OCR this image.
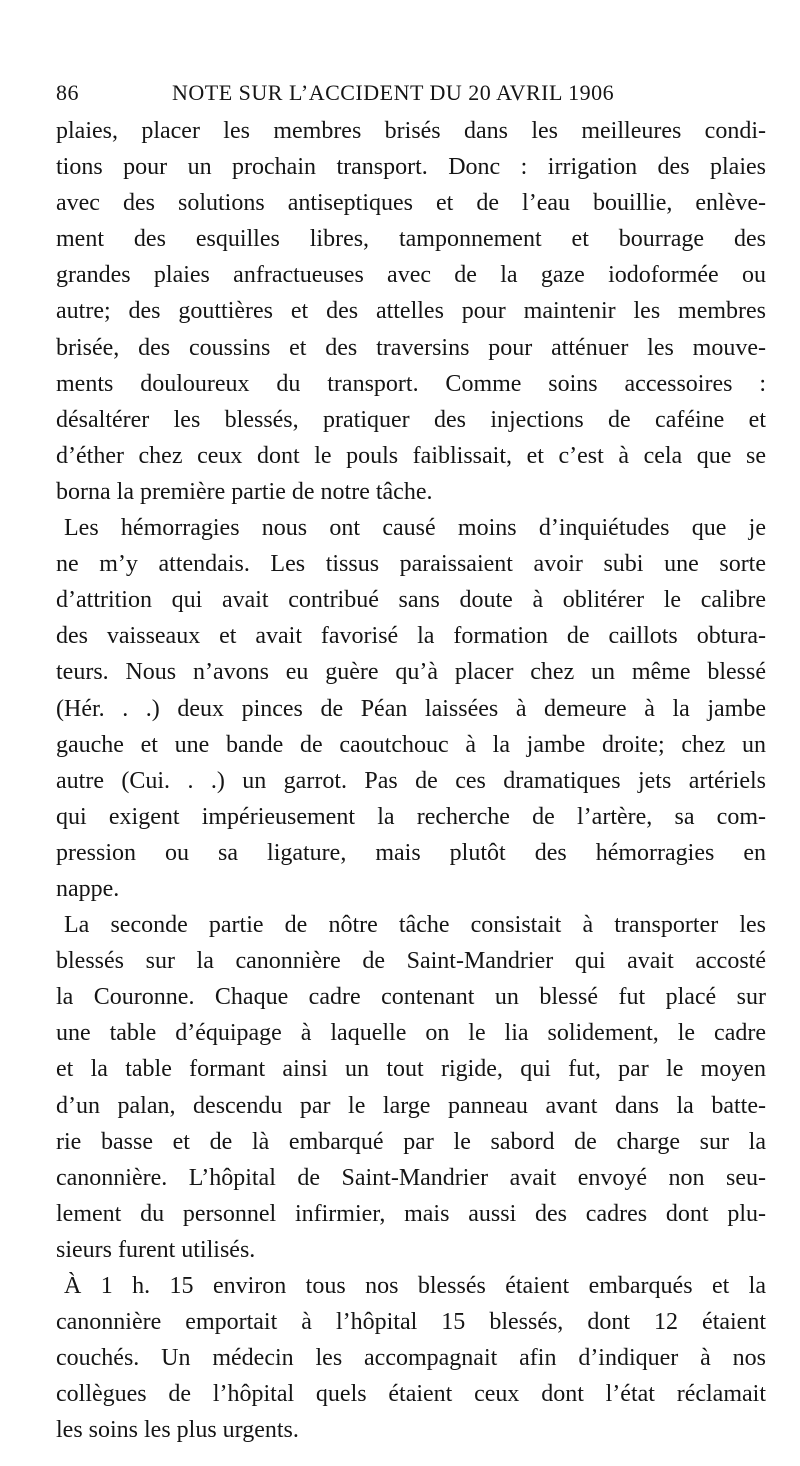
86	NOTE SUR L’ACCIDENT DU 20 AVRIL 1906
plaies, placer les membres brisés dans les meilleures condi-
tions pour un prochain transport. Donc : irrigation des plaies
avec des solutions antiseptiques et de l’eau bouillie, enlève-
ment des esquilles libres, tamponnement et bourrage des
grandes plaies anfractueuses avec de la gaze iodoformée ou
autre; des gouttières et des attelles pour maintenir les membres
brisée, des coussins et des traversins pour atténuer les mouve-
ments douloureux du transport. Comme soins accessoires :
désaltérer les blessés, pratiquer des injections de caféine et
d’éther chez ceux dont le pouls faiblissait, et c’est à cela que se
borna la première partie de notre tâche.
Les hémorragies nous ont causé moins d’inquiétudes que je
ne m’y attendais. Les tissus paraissaient avoir subi une sorte
d’attrition qui avait contribué sans doute à oblitérer le calibre
des vaisseaux et avait favorisé la formation de caillots obtura-
teurs. Nous n’avons eu guère qu’à placer chez un même blessé
(Hér. . .) deux pinces de Péan laissées à demeure à la jambe
gauche et une bande de caoutchouc à la jambe droite; chez un
autre (Cui. . .) un garrot. Pas de ces dramatiques jets artériels
qui exigent impérieusement la recherche de l’artère, sa com-
pression ou sa ligature, mais plutôt des hémorragies en
nappe.
La seconde partie de nôtre tâche consistait à transporter les
blessés sur la canonnière de Saint-Mandrier qui avait accosté
la Couronne. Chaque cadre contenant un blessé fut placé sur
une table d’équipage à laquelle on le lia solidement, le cadre
et la table formant ainsi un tout rigide, qui fut, par le moyen
d’un palan, descendu par le large panneau avant dans la batte-
rie basse et de là embarqué par le sabord de charge sur la
canonnière. L’hôpital de Saint-Mandrier avait envoyé non seu-
lement du personnel infirmier, mais aussi des cadres dont plu-
sieurs furent utilisés.
À 1 h. 15 environ tous nos blessés étaient embarqués et la
canonnière emportait à l’hôpital 15 blessés, dont 12 étaient
couchés. Un médecin les accompagnait afin d’indiquer à nos
collègues de l’hôpital quels étaient ceux dont l’état réclamait
les soins les plus urgents.
